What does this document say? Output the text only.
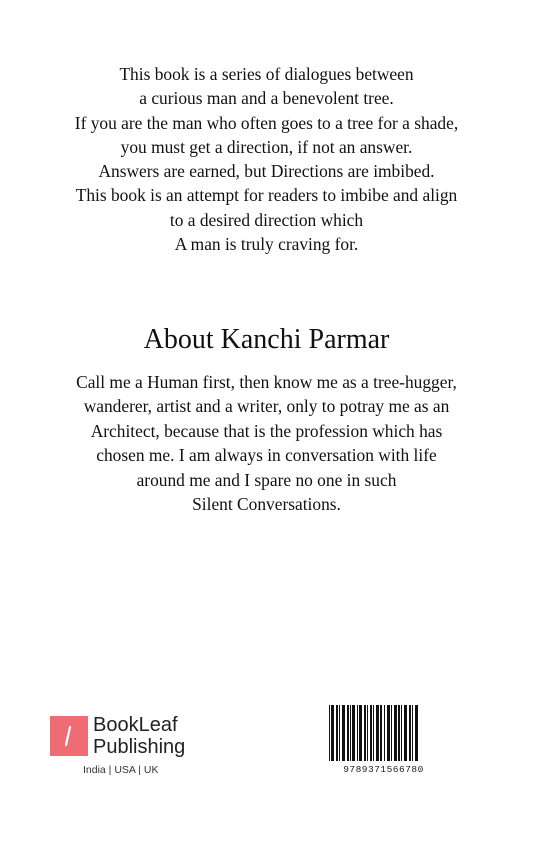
This book is a series of dialogues between
a curious man and a benevolent tree.
If you are the man who often goes to a tree for a shade,
you must get a direction, if not an answer.
Answers are earned, but Directions are imbibed.
This book is an attempt for readers to imbibe and align
to a desired direction which
A man is truly craving for.
About Kanchi Parmar
Call me a Human first, then know me as a tree-hugger,
wanderer, artist and a writer, only to potray me as an
Architect, because that is the profession which has
chosen me. I am always in conversation with life
around me and I spare no one in such
Silent Conversations.
BookLeaf
Publishing
India | USA | UK	9789371566780
